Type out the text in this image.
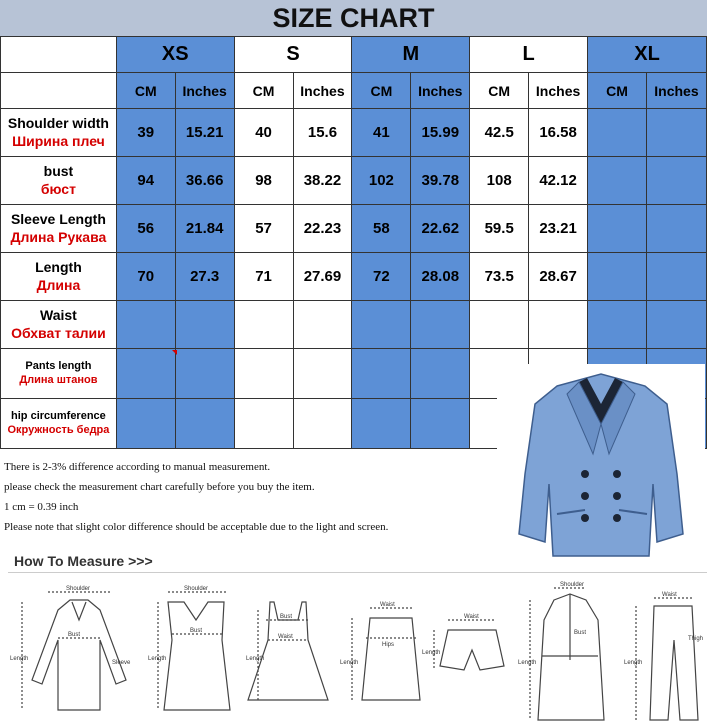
SIZE CHART
	XS		S		M		L		XL	
	CM	Inches	CM	Inches	CM	Inches	CM	Inches	CM	Inches

Shoulder width
Ширина плеч	39	15.21	40	15.6	41	15.99	42.5	16.58		

bust
бюст	94	36.66	98	38.22	102	39.78	108	42.12		

Sleeve Length
Длина Рукава	56	21.84	57	22.23	58	22.62	59.5	23.21		

Length
Длина	70	27.3	71	27.69	72	28.08	73.5	28.67		

Waist
Обхват талии										

Pants length
Длина штанов										

hip circumference
Окружность бедра										

There is 2-3% difference according to manual measurement.
please check the measurement chart carefully before you buy the item.
1 cm = 0.39 inch
Please note that slight color difference should be acceptable due to the light and screen.
How To Measure >>>
Shoulder
Bust
Sleeve
Length
Shoulder
Bust
Length
Bust
Waist
Length
Waist
Hips
Length
Waist
Length
Shoulder
Bust
Length
Waist
Thigh
Length
